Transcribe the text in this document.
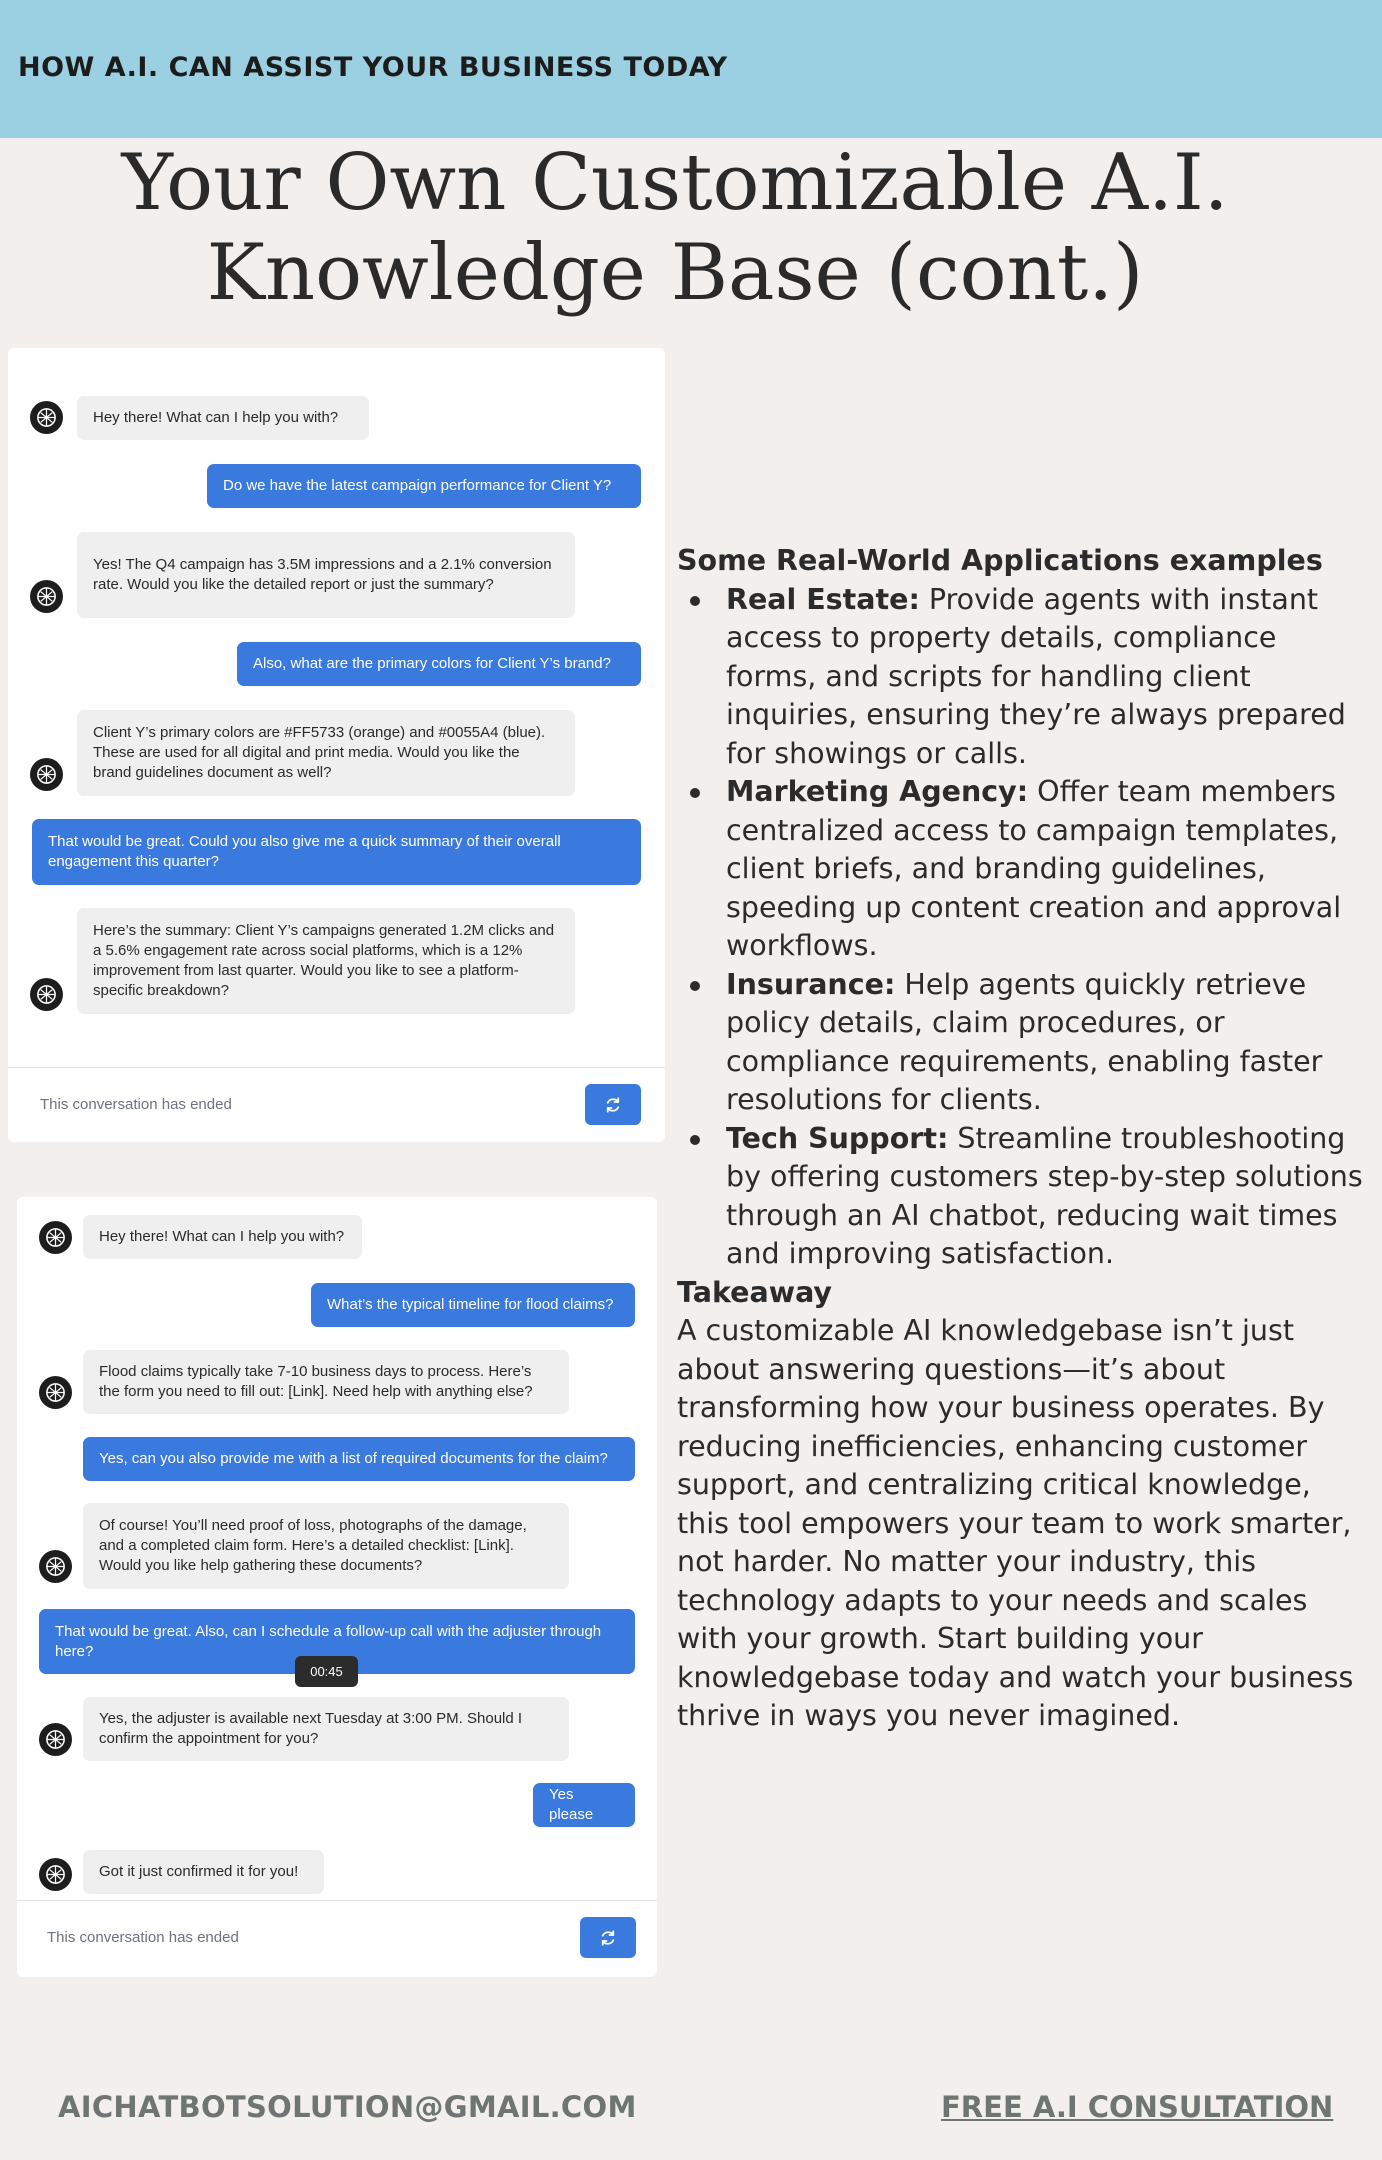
HOW A.I. CAN ASSIST YOUR BUSINESS TODAY
Your Own Customizable A.I.
Knowledge Base (cont.)
Hey there! What can I help you with?
Do we have the latest campaign performance for Client Y?
Yes! The Q4 campaign has 3.5M impressions and a 2.1% conversion rate. Would you like the detailed report or just the summary?
Also, what are the primary colors for Client Y’s brand?
Client Y’s primary colors are #FF5733 (orange) and #0055A4 (blue). These are used for all digital and print media. Would you like the brand guidelines document as well?
That would be great. Could you also give me a quick summary of their overall engagement this quarter?
Here’s the summary: Client Y’s campaigns generated 1.2M clicks and a 5.6% engagement rate across social platforms, which is a 12% improvement from last quarter. Would you like to see a platform-specific breakdown?
This conversation has ended
Hey there! What can I help you with?
What’s the typical timeline for flood claims?
Flood claims typically take 7-10 business days to process. Here’s the form you need to fill out: [Link]. Need help with anything else?
Yes, can you also provide me with a list of required documents for the claim?
Of course! You’ll need proof of loss, photographs of the damage, and a completed claim form. Here’s a detailed checklist: [Link]. Would you like help gathering these documents?
That would be great. Also, can I schedule a follow-up call with the adjuster through here?
00:45
Yes, the adjuster is available next Tuesday at 3:00 PM. Should I confirm the appointment for you?
Yes please
Got it just confirmed it for you!
This conversation has ended
Some Real-World Applications examples
Real Estate: Provide agents with instant access to property details, compliance forms, and scripts for handling client inquiries, ensuring they’re always prepared for showings or calls.
Marketing Agency: Offer team members centralized access to campaign templates, client briefs, and branding guidelines, speeding up content creation and approval workflows.
Insurance: Help agents quickly retrieve policy details, claim procedures, or compliance requirements, enabling faster resolutions for clients.
Tech Support: Streamline troubleshooting by offering customers step-by-step solutions through an AI chatbot, reducing wait times and improving satisfaction.
Takeaway

A customizable AI knowledgebase isn’t just about answering questions—it’s about transforming how your business operates. By reducing inefficiencies, enhancing customer support, and centralizing critical knowledge, this tool empowers your team to work smarter, not harder. No matter your industry, this technology adapts to your needs and scales with your growth. Start building your knowledgebase today and watch your business thrive in ways you never imagined.

AICHATBOTSOLUTION@GMAIL.COM	FREE A.I CONSULTATION
